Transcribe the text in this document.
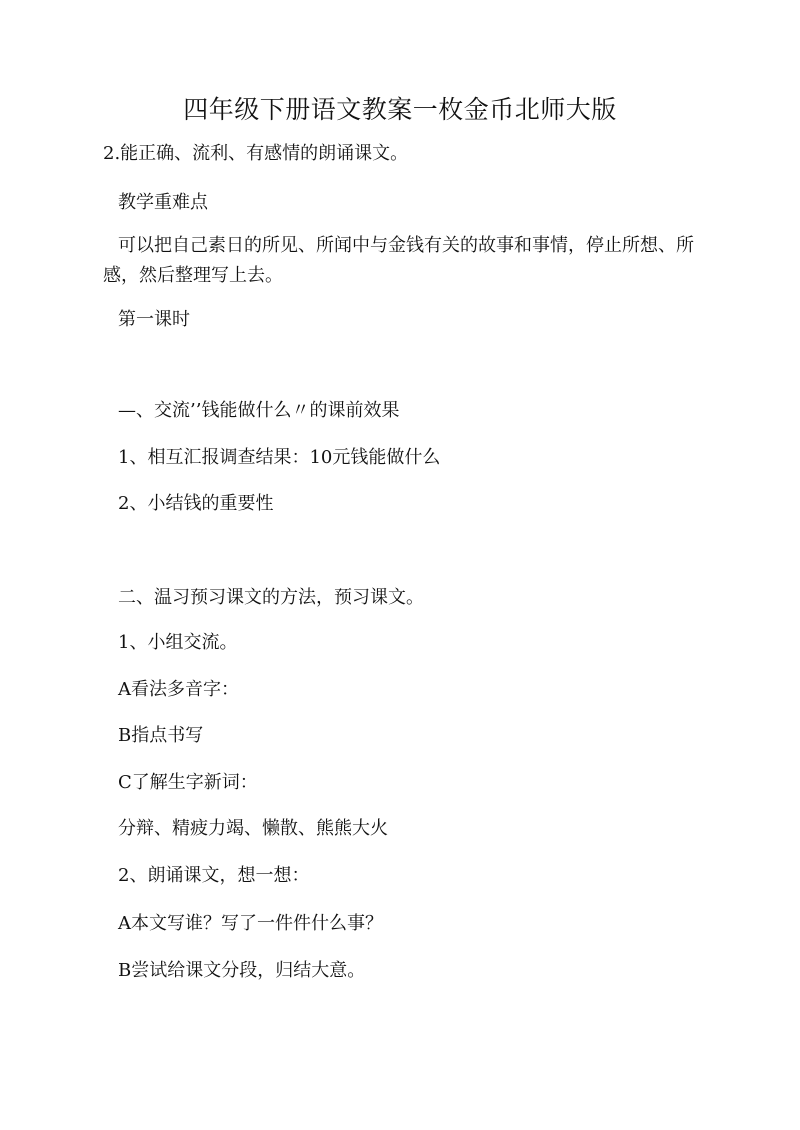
四年级下册语文教案一枚金币北师大版
2.能正确、流利、有感情的朗诵课文。
教学重难点
可以把自己素日的所见、所闻中与金钱有关的故事和事情，停止所想、所感，然后整理写上去。
第一课时
—、交流’’钱能做什么〃的课前效果
1、相互汇报调查结果：10元钱能做什么
2、小结钱的重要性
二、温习预习课文的方法，预习课文。
1、小组交流。
A看法多音字：
B指点书写
C了解生字新词：
分辩、精疲力竭、懒散、熊熊大火
2、朗诵课文，想一想：
A本文写谁？写了一件件什么事？
B尝试给课文分段，归结大意。
